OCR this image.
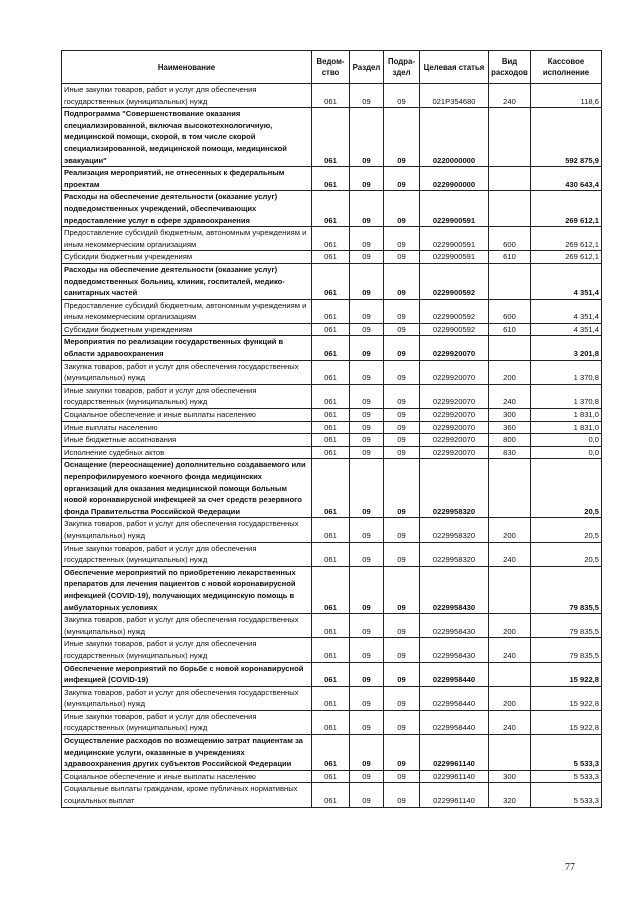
Наименование	Ведом-ство	Раздел	Подра-здел	Целевая статья	Вид расходов	Кассовое исполнение
Иные закупки товаров, работ и услуг для обеспечения государственных (муниципальных) нужд	061	09	09	021P354680	240	118,6
Подпрограмма "Совершенствование оказания специализированной, включая высокотехнологичную, медицинской помощи, скорой, в том числе скорой специализированной, медицинской помощи, медицинской эвакуации"	061	09	09	0220000000		592 875,9
Реализация мероприятий, не отнесенных к федеральным проектам	061	09	09	0229900000		430 643,4
Расходы на обеспечение деятельности (оказание услуг) подведомственных учреждений, обеспечивающих предоставление услуг в сфере здравоохранения	061	09	09	0229900591		269 612,1
Предоставление субсидий бюджетным, автономным учреждениям и иным некоммерческим организациям	061	09	09	0229900591	600	269 612,1
Субсидии бюджетным учреждениям	061	09	09	0229900591	610	269 612,1
Расходы на обеспечение деятельности (оказание услуг) подведомственных больниц, клиник, госпиталей, медико-санитарных частей	061	09	09	0229900592		4 351,4
Предоставление субсидий бюджетным, автономным учреждениям и иным некоммерческим организациям	061	09	09	0229900592	600	4 351,4
Субсидии бюджетным учреждениям	061	09	09	0229900592	610	4 351,4
Мероприятия по реализации государственных функций в области здравоохранения	061	09	09	0229920070		3 201,8
Закупка товаров, работ и услуг для обеспечения государственных (муниципальных) нужд	061	09	09	0229920070	200	1 370,8
Иные закупки товаров, работ и услуг для обеспечения государственных (муниципальных) нужд	061	09	09	0229920070	240	1 370,8
Социальное обеспечение и иные выплаты населению	061	09	09	0229920070	300	1 831,0
Иные выплаты населению	061	09	09	0229920070	360	1 831,0
Иные бюджетные ассигнования	061	09	09	0229920070	800	0,0
Исполнение судебных актов	061	09	09	0229920070	830	0,0
Оснащение (переоснащение) дополнительно создаваемого или перепрофилируемого коечного фонда медицинских организаций для оказания медицинской помощи больным новой коронавирусной инфекцией за счет средств резервного фонда Правительства Российской Федерации	061	09	09	0229958320		20,5
Закупка товаров, работ и услуг для обеспечения государственных (муниципальных) нужд	061	09	09	0229958320	200	20,5
Иные закупки товаров, работ и услуг для обеспечения государственных (муниципальных) нужд	061	09	09	0229958320	240	20,5
Обеспечение мероприятий по приобретению лекарственных препаратов для лечения пациентов с новой коронавирусной инфекцией (COVID-19), получающих медицинскую помощь в амбулаторных условиях	061	09	09	0229958430		79 835,5
Закупка товаров, работ и услуг для обеспечения государственных (муниципальных) нужд	061	09	09	0229958430	200	79 835,5
Иные закупки товаров, работ и услуг для обеспечения государственных (муниципальных) нужд	061	09	09	0229958430	240	79 835,5
Обеспечение мероприятий по борьбе с новой коронавирусной инфекцией (COVID-19)	061	09	09	0229958440		15 922,8
Закупка товаров, работ и услуг для обеспечения государственных (муниципальных) нужд	061	09	09	0229958440	200	15 922,8
Иные закупки товаров, работ и услуг для обеспечения государственных (муниципальных) нужд	061	09	09	0229958440	240	15 922,8
Осуществление расходов по возмещению затрат пациентам за медицинские услуги, оказанные в учреждениях здравоохранения других субъектов Российской Федерации	061	09	09	0229961140		5 533,3
Социальное обеспечение и иные выплаты населению	061	09	09	0229961140	300	5 533,3
Социальные выплаты гражданам, кроме публичных нормативных социальных выплат	061	09	09	0229961140	320	5 533,3
77
